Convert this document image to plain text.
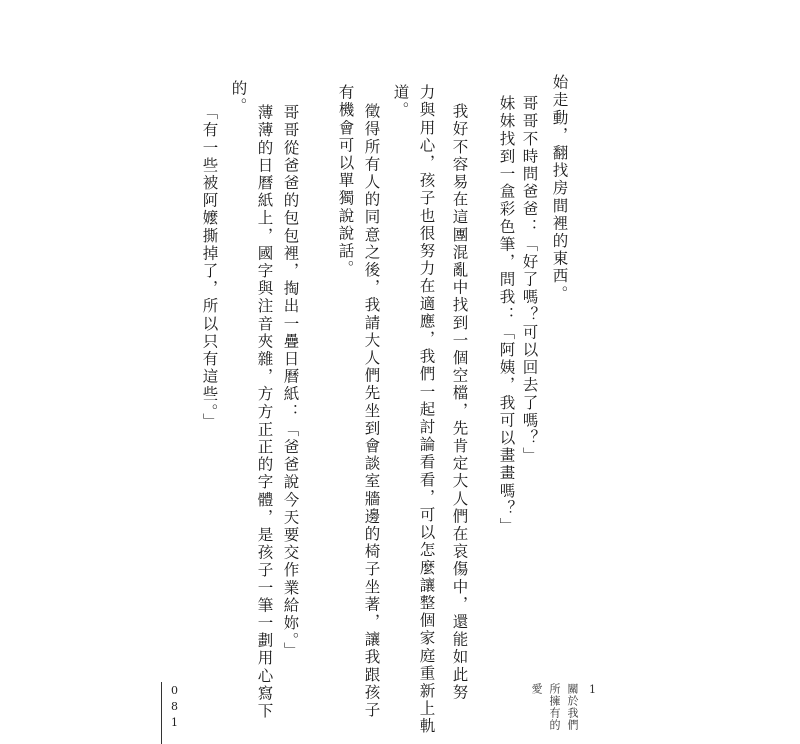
始走動，翻找房間裡的東西。
哥哥不時問爸爸：「好了嗎？可以回去了嗎？」
妹妹找到一盒彩色筆，問我：「阿姨，我可以畫畫嗎？」
我好不容易在這團混亂中找到一個空檔，先肯定大人們在哀傷中，還能如此努
力與用心，孩子也很努力在適應，我們一起討論看看，可以怎麼讓整個家庭重新上軌
道。
徵得所有人的同意之後，我請大人們先坐到會談室牆邊的椅子坐著，讓我跟孩子
有機會可以單獨說說話。
哥哥從爸爸的包包裡，掏出一疊日曆紙：「爸爸說今天要交作業給妳。」
薄薄的日曆紙上，國字與注音夾雜，方方正正的字體，是孩子一筆一劃用心寫下
的。
「有一些被阿嬤撕掉了，所以只有這些。」
1
關於我們
所擁有的
愛
081
